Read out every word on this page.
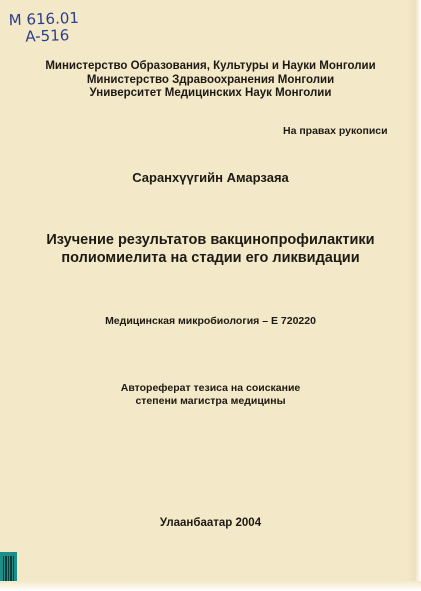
M 616.01
A-516
Министерство Образования, Культуры и Науки Монголии
Министерство Здравоохранения Монголии
Университет Медицинских Наук Монголии
На правах рукописи
Саранхүүгийн Амарзаяа
Изучение результатов вакцинопрофилактики
полиомиелита на стадии его ликвидации
Медицинская микробиология – Е 720220
Автореферат тезиса на соискание
степени магистра медицины
Улаанбаатар 2004
